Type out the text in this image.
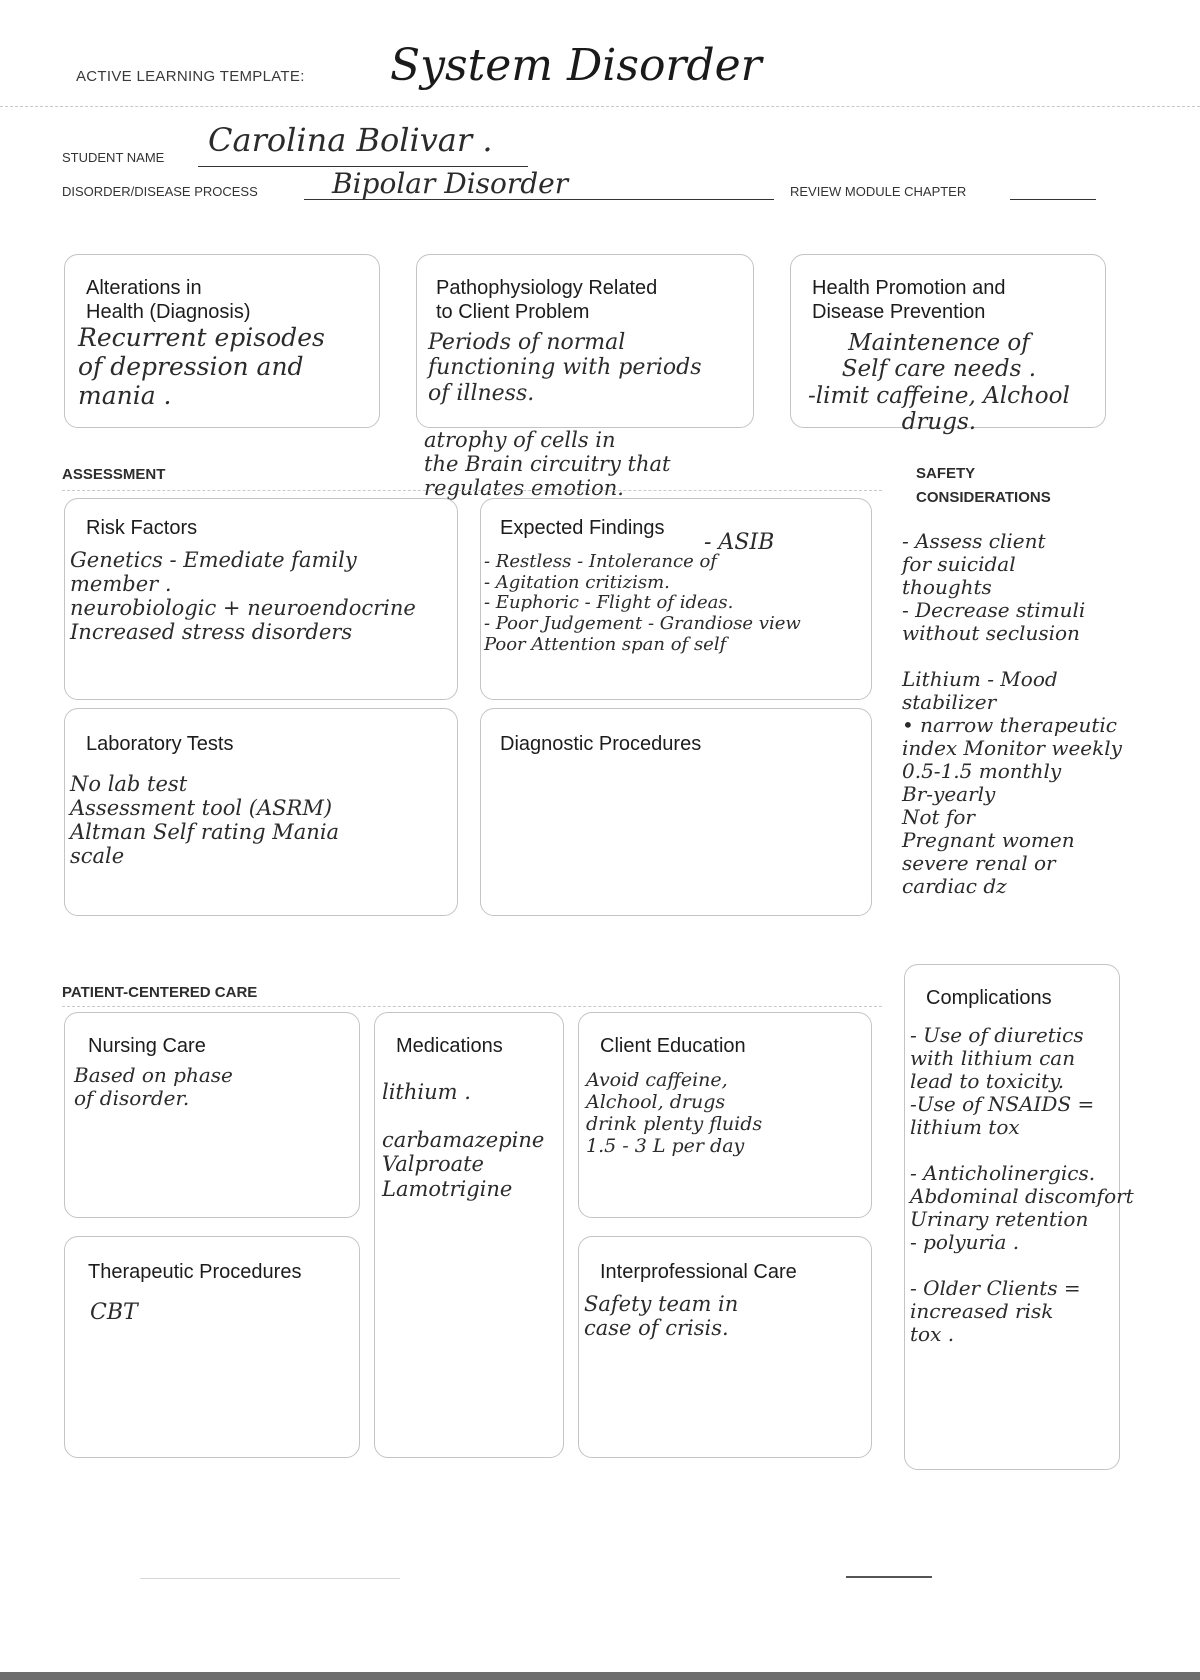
ACTIVE LEARNING TEMPLATE: System Disorder
STUDENT NAME Carolina Bolivar .
DISORDER/DISEASE PROCESS	Bipolar Disorder	REVIEW MODULE CHAPTER
Alterations in
Health (Diagnosis)
Recurrent episodes
of depression and
mania .
Pathophysiology Related
to Client Problem
Periods of normal
functioning with periods
of illness.
atrophy of cells in
the Brain circuitry that
regulates emotion.
Health Promotion and
Disease Prevention
Maintenence of
Self care needs .
-limit caffeine, Alchool
drugs.
ASSESSMENT
Risk Factors
Genetics - Emediate family
member .
neurobiologic + neuroendocrine
Increased stress disorders
Expected Findings
- ASIB
- Restless - Intolerance of
- Agitation critizism.
- Euphoric - Flight of ideas.
- Poor Judgement - Grandiose view
Poor Attention span of self
Laboratory Tests
No lab test
Assessment tool (ASRM)
Altman Self rating Mania
scale
Diagnostic Procedures
SAFETY
CONSIDERATIONS
- Assess client
for suicidal
thoughts
- Decrease stimuli
without seclusion

Lithium - Mood
stabilizer
• narrow therapeutic
index Monitor weekly
0.5-1.5 monthly
Br-yearly
Not for
Pregnant women
severe renal or
cardiac dz
PATIENT-CENTERED CARE
Nursing Care
Based on phase
of disorder.
Medications
lithium .

carbamazepine
Valproate
Lamotrigine
Client Education
Avoid caffeine,
Alchool, drugs
drink plenty fluids
1.5 - 3 L per day
Therapeutic Procedures
CBT
Interprofessional Care
Safety team in
case of crisis.
Complications
- Use of diuretics
with lithium can
lead to toxicity.
-Use of NSAIDS =
lithium tox

- Anticholinergics.
Abdominal discomfort
Urinary retention
- polyuria .

- Older Clients =
increased risk
tox .
